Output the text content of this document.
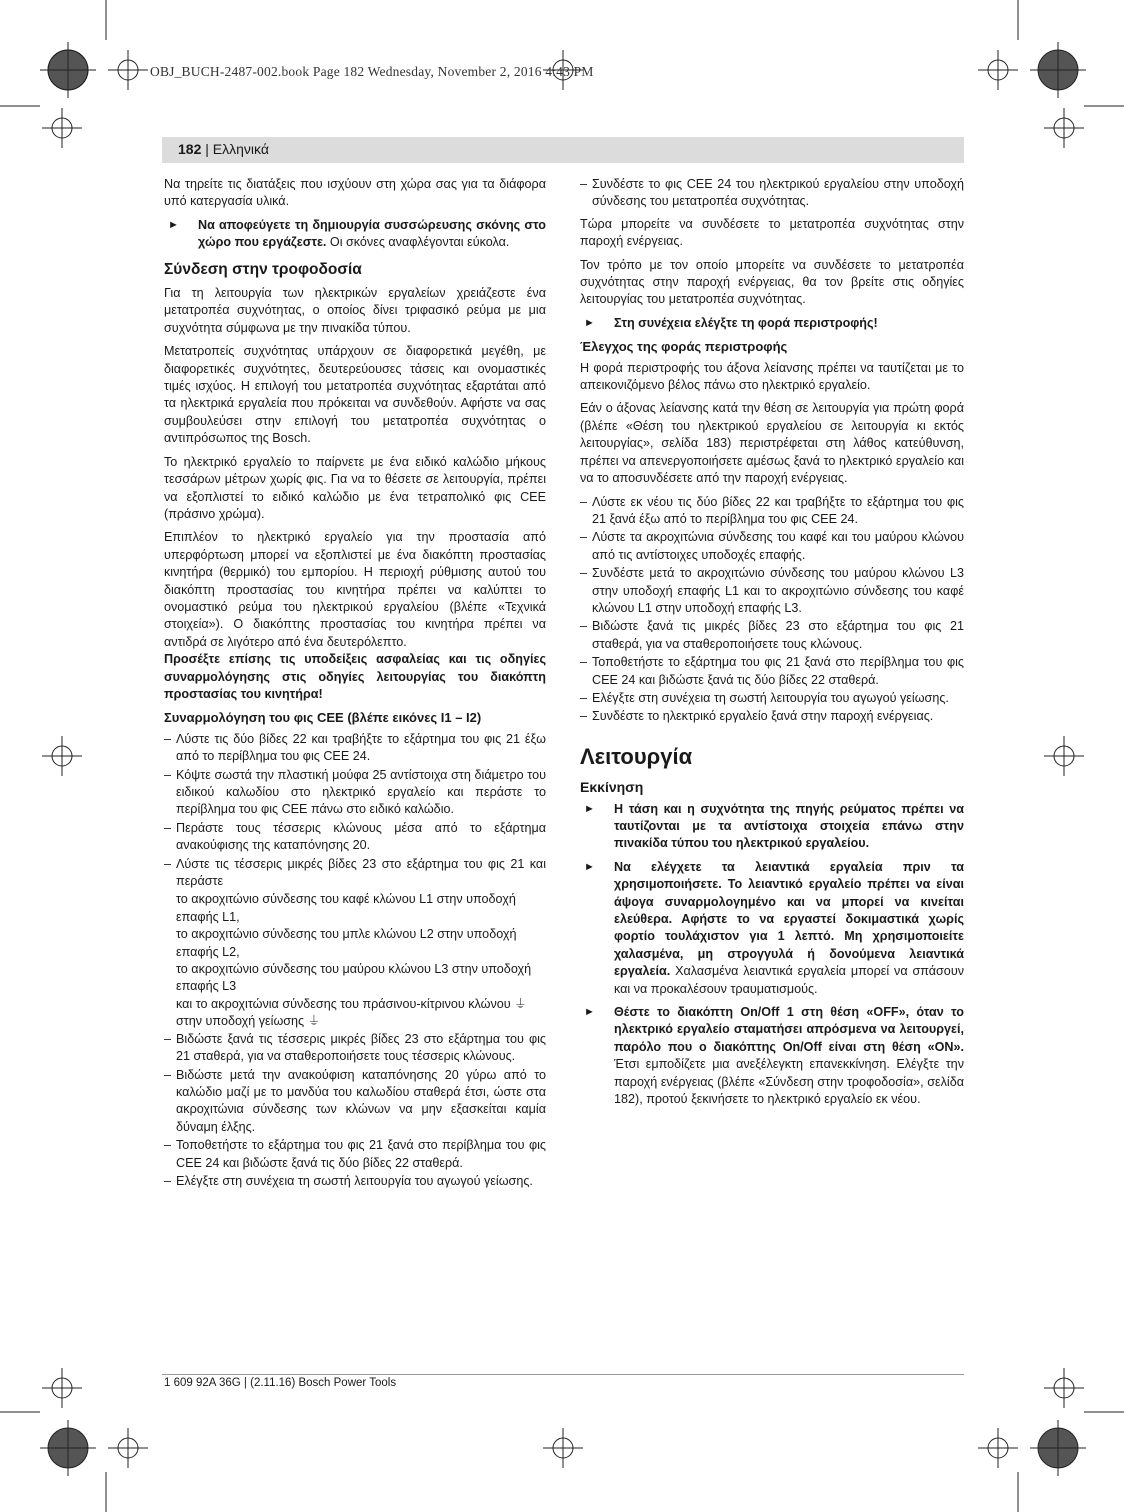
OBJ_BUCH-2487-002.book Page 182 Wednesday, November 2, 2016 4:43 PM
182 | Ελληνικά

Να τηρείτε τις διατάξεις που ισχύουν στη χώρα σας για τα διάφορα υπό κατεργασία υλικά.

► Να αποφεύγετε τη δημιουργία συσσώρευσης σκόνης στο χώρο που εργάζεστε. Οι σκόνες αναφλέγονται εύκολα.
Σύνδεση στην τροφοδοσία

Για τη λειτουργία των ηλεκτρικών εργαλείων χρειάζεστε ένα μετατροπέα συχνότητας, ο οποίος δίνει τριφασικό ρεύμα με μια συχνότητα σύμφωνα με την πινακίδα τύπου.

Μετατροπείς συχνότητας υπάρχουν σε διαφορετικά μεγέθη, με διαφορετικές συχνότητες, δευτερεύουσες τάσεις και ονομαστικές τιμές ισχύος. Η επιλογή του μετατροπέα συχνότητας εξαρτάται από τα ηλεκτρικά εργαλεία που πρόκειται να συνδεθούν. Αφήστε να σας συμβουλεύσει στην επιλογή του μετατροπέα συχνότητας ο αντιπρόσωπος της Bosch.

Το ηλεκτρικό εργαλείο το παίρνετε με ένα ειδικό καλώδιο μήκους τεσσάρων μέτρων χωρίς φις. Για να το θέσετε σε λειτουργία, πρέπει να εξοπλιστεί το ειδικό καλώδιο με ένα τετραπολικό φις CEE (πράσινο χρώμα).

Επιπλέον το ηλεκτρικό εργαλείο για την προστασία από υπερφόρτωση μπορεί να εξοπλιστεί με ένα διακόπτη προστασίας κινητήρα (θερμικό) του εμπορίου. Η περιοχή ρύθμισης αυτού του διακόπτη προστασίας του κινητήρα πρέπει να καλύπτει το ονομαστικό ρεύμα του ηλεκτρικού εργαλείου (βλέπε «Τεχνικά στοιχεία»). Ο διακόπτης προστασίας του κινητήρα πρέπει να αντιδρά σε λιγότερο από ένα δευτερόλεπτο.

Προσέξτε επίσης τις υποδείξεις ασφαλείας και τις οδηγίες συναρμολόγησης στις οδηγίες λειτουργίας του διακόπτη προστασίας του κινητήρα!

Συναρμολόγηση του φις CEE (βλέπε εικόνες I1 – I2)
– Λύστε τις δύο βίδες 22 και τραβήξτε το εξάρτημα του φις 21 έξω από το περίβλημα του φις CEE 24.
– Κόψτε σωστά την πλαστική μούφα 25 αντίστοιχα στη διάμετρο του ειδικού καλωδίου στο ηλεκτρικό εργαλείο και περάστε το περίβλημα του φις CEE πάνω στο ειδικό καλώδιο.
– Περάστε τους τέσσερις κλώνους μέσα από το εξάρτημα ανακούφισης της καταπόνησης 20.
– Λύστε τις τέσσερις μικρές βίδες 23 στο εξάρτημα του φις 21 και περάστε
το ακροχιτώνιο σύνδεσης του καφέ κλώνου L1 στην υποδοχή επαφής L1,
το ακροχιτώνιο σύνδεσης του μπλε κλώνου L2 στην υποδοχή επαφής L2,
το ακροχιτώνιο σύνδεσης του μαύρου κλώνου L3 στην υποδοχή επαφής L3
και το ακροχιτώνια σύνδεσης του πράσινου-κίτρινου κλώνου ⏚ στην υποδοχή γείωσης ⏚
– Βιδώστε ξανά τις τέσσερις μικρές βίδες 23 στο εξάρτημα του φις 21 σταθερά, για να σταθεροποιήσετε τους τέσσερις κλώνους.
– Βιδώστε μετά την ανακούφιση καταπόνησης 20 γύρω από το καλώδιο μαζί με το μανδύα του καλωδίου σταθερά έτσι, ώστε στα ακροχιτώνια σύνδεσης των κλώνων να μην εξασκείται καμία δύναμη έλξης.
– Τοποθετήστε το εξάρτημα του φις 21 ξανά στο περίβλημα του φις CEE 24 και βιδώστε ξανά τις δύο βίδες 22 σταθερά.
– Ελέγξτε στη συνέχεια τη σωστή λειτουργία του αγωγού γείωσης.
– Συνδέστε το φις CEE 24 του ηλεκτρικού εργαλείου στην υποδοχή σύνδεσης του μετατροπέα συχνότητας.

Τώρα μπορείτε να συνδέσετε το μετατροπέα συχνότητας στην παροχή ενέργειας.

Τον τρόπο με τον οποίο μπορείτε να συνδέσετε το μετατροπέα συχνότητας στην παροχή ενέργειας, θα τον βρείτε στις οδηγίες λειτουργίας του μετατροπέα συχνότητας.

► Στη συνέχεια ελέγξτε τη φορά περιστροφής!
Έλεγχος της φοράς περιστροφής

Η φορά περιστροφής του άξονα λείανσης πρέπει να ταυτίζεται με το απεικονιζόμενο βέλος πάνω στο ηλεκτρικό εργαλείο.

Εάν ο άξονας λείανσης κατά την θέση σε λειτουργία για πρώτη φορά (βλέπε «Θέση του ηλεκτρικού εργαλείου σε λειτουργία κι εκτός λειτουργίας», σελίδα 183) περιστρέφεται στη λάθος κατεύθυνση, πρέπει να απενεργοποιήσετε αμέσως ξανά το ηλεκτρικό εργαλείο και να το αποσυνδέσετε από την παροχή ενέργειας.

– Λύστε εκ νέου τις δύο βίδες 22 και τραβήξτε το εξάρτημα του φις 21 ξανά έξω από το περίβλημα του φις CEE 24.
– Λύστε τα ακροχιτώνια σύνδεσης του καφέ και του μαύρου κλώνου από τις αντίστοιχες υποδοχές επαφής.
– Συνδέστε μετά το ακροχιτώνιο σύνδεσης του μαύρου κλώνου L3 στην υποδοχή επαφής L1 και το ακροχιτώνιο σύνδεσης του καφέ κλώνου L1 στην υποδοχή επαφής L3.
– Βιδώστε ξανά τις μικρές βίδες 23 στο εξάρτημα του φις 21 σταθερά, για να σταθεροποιήσετε τους κλώνους.
– Τοποθετήστε το εξάρτημα του φις 21 ξανά στο περίβλημα του φις CEE 24 και βιδώστε ξανά τις δύο βίδες 22 σταθερά.
– Ελέγξτε στη συνέχεια τη σωστή λειτουργία του αγωγού γείωσης.
– Συνδέστε το ηλεκτρικό εργαλείο ξανά στην παροχή ενέργειας.
Λειτουργία
Εκκίνηση
► Η τάση και η συχνότητα της πηγής ρεύματος πρέπει να ταυτίζονται με τα αντίστοιχα στοιχεία επάνω στην πινακίδα τύπου του ηλεκτρικού εργαλείου.
► Να ελέγχετε τα λειαντικά εργαλεία πριν τα χρησιμοποιήσετε. Το λειαντικό εργαλείο πρέπει να είναι άψογα συναρμολογημένο και να μπορεί να κινείται ελεύθερα. Αφήστε το να εργαστεί δοκιμαστικά χωρίς φορτίο τουλάχιστον για 1 λεπτό. Μη χρησιμοποιείτε χαλασμένα, μη στρογγυλά ή δονούμενα λειαντικά εργαλεία. Χαλασμένα λειαντικά εργαλεία μπορεί να σπάσουν και να προκαλέσουν τραυματισμούς.
► Θέστε το διακόπτη On/Off 1 στη θέση «OFF», όταν το ηλεκτρικό εργαλείο σταματήσει απρόσμενα να λειτουργεί, παρόλο που ο διακόπτης On/Off είναι στη θέση «ON». Έτσι εμποδίζετε μια ανεξέλεγκτη επανεκκίνηση. Ελέγξτε την παροχή ενέργειας (βλέπε «Σύνδεση στην τροφοδοσία», σελίδα 182), προτού ξεκινήσετε το ηλεκτρικό εργαλείο εκ νέου.
1 609 92A 36G | (2.11.16) Bosch Power Tools
